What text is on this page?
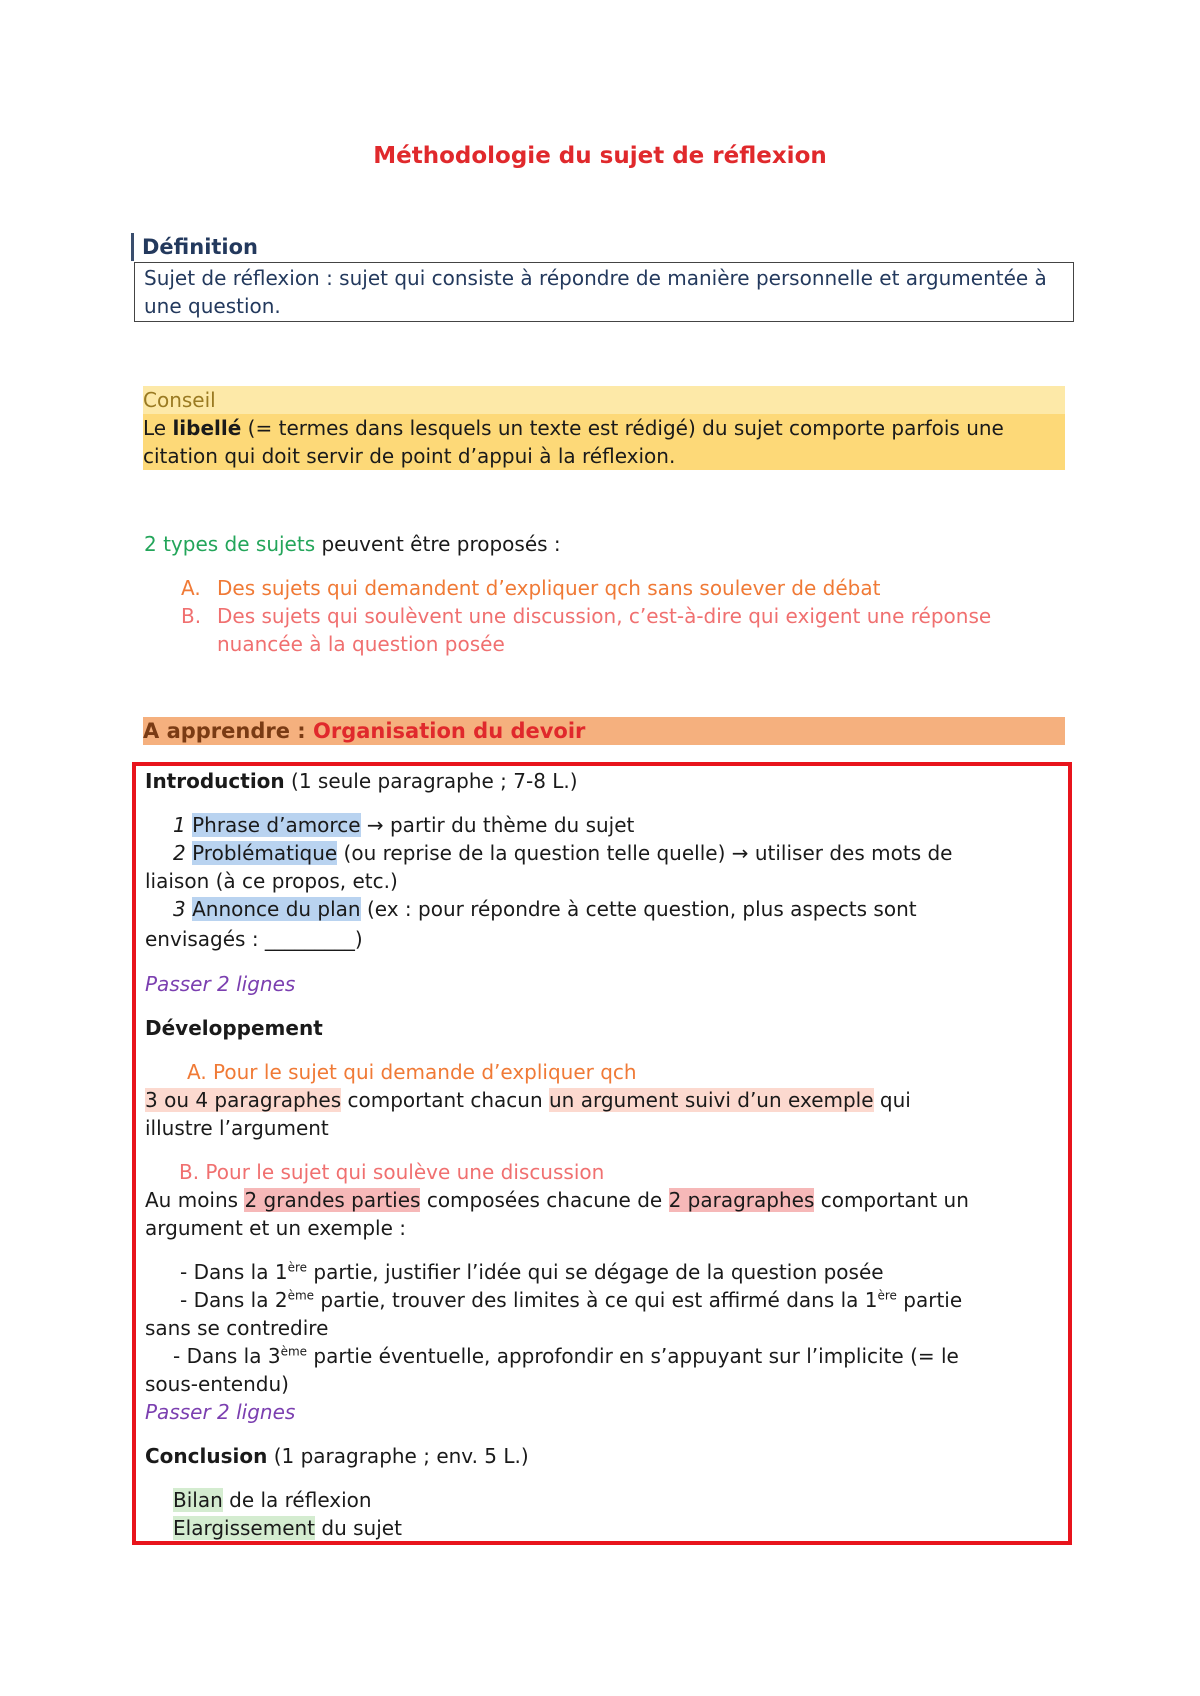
Méthodologie du sujet de réflexion
Définition
Sujet de réflexion : sujet qui consiste à répondre de manière personnelle et argumentée à une question.
Conseil
Le libellé (= termes dans lesquels un texte est rédigé) du sujet comporte parfois une citation qui doit servir de point d’appui à la réflexion.
2 types de sujets peuvent être proposés :
A. Des sujets qui demandent d’expliquer qch sans soulever de débat
B. Des sujets qui soulèvent une discussion, c’est-à-dire qui exigent une réponse nuancée à la question posée
A apprendre : Organisation du devoir
Introduction (1 seule paragraphe ; 7-8 L.)
1 Phrase d’amorce → partir du thème du sujet
2 Problématique (ou reprise de la question telle quelle) → utiliser des mots de
liaison (à ce propos, etc.)
3 Annonce du plan (ex : pour répondre à cette question, plus aspects sont
envisagés : _________)
Passer 2 lignes
Développement
A. Pour le sujet qui demande d’expliquer qch
3 ou 4 paragraphes comportant chacun un argument suivi d’un exemple qui
illustre l’argument
B. Pour le sujet qui soulève une discussion
Au moins 2 grandes parties composées chacune de 2 paragraphes comportant un
argument et un exemple :
- Dans la 1ère partie, justifier l’idée qui se dégage de la question posée
- Dans la 2ème partie, trouver des limites à ce qui est affirmé dans la 1ère partie
sans se contredire
- Dans la 3ème partie éventuelle, approfondir en s’appuyant sur l’implicite (= le
sous-entendu)
Passer 2 lignes
Conclusion (1 paragraphe ; env. 5 L.)
Bilan de la réflexion
Elargissement du sujet
